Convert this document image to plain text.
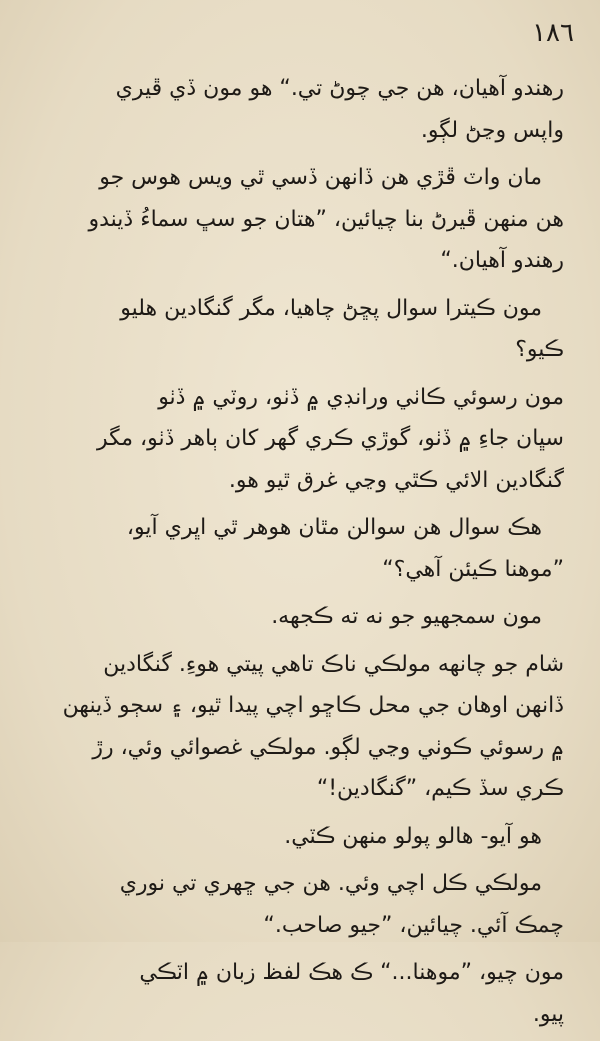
١٨٦
رهندو آهيان، هن جي چوڻ تي.“ هو مون ڏي ڦيري
واپس وڃڻ لڳو.
مان واٽ ڦڙي هن ڏانهن ڏسي ٿي ويس هوس جو
هن منهن ڦيرڻ بنا چيائين، ”هتان جو سڀ سماءُ ڏيندو
رهندو آهيان.“
مون ڪيترا سوال پڇڻ چاهيا، مگر گنگادين هليو
ڪيو؟
مون رسوئي ڪاٺي ورانڊي ۾ ڏٺو، روٽي ۾ ڏٺو
سڀان جاءِ ۾ ڏٺو، گوڙي ڪري گهر کان ٻاهر ڏٺو، مگر
گنگادين الائي ڪٿي وڃي غرق ٿيو هو.
هڪ سوال هن سوالن مٿان هوهر ٿي اڀري آيو،
”موهنا ڪيئن آهي؟“
مون سمجهيو جو نه ته ڪجهه.
شام جو چانهه مولڪي ناڪ تاهي پيتي هوءِ. گنگادين
ڏانهن اوهان جي محل ڪاڇو اچي پيدا ٿيو، ۽ سڄو ڏينهن
۾ رسوئي ڪوٺي وڃي لڳو. مولڪي غصوائي وئي، رڙ
ڪري سڏ ڪيم، ”گنگادين!“
هو آيو- هالو پولو منهن ڪٽي.
مولڪي ڪل اچي وئي. هن جي ڇهري تي نوري
چمڪ آئي. چيائين، ”جيو صاحب.“
مون چيو، ”موهنا...“ ڪ هڪ لفظ زبان ۾ اٽڪي
پيو.
